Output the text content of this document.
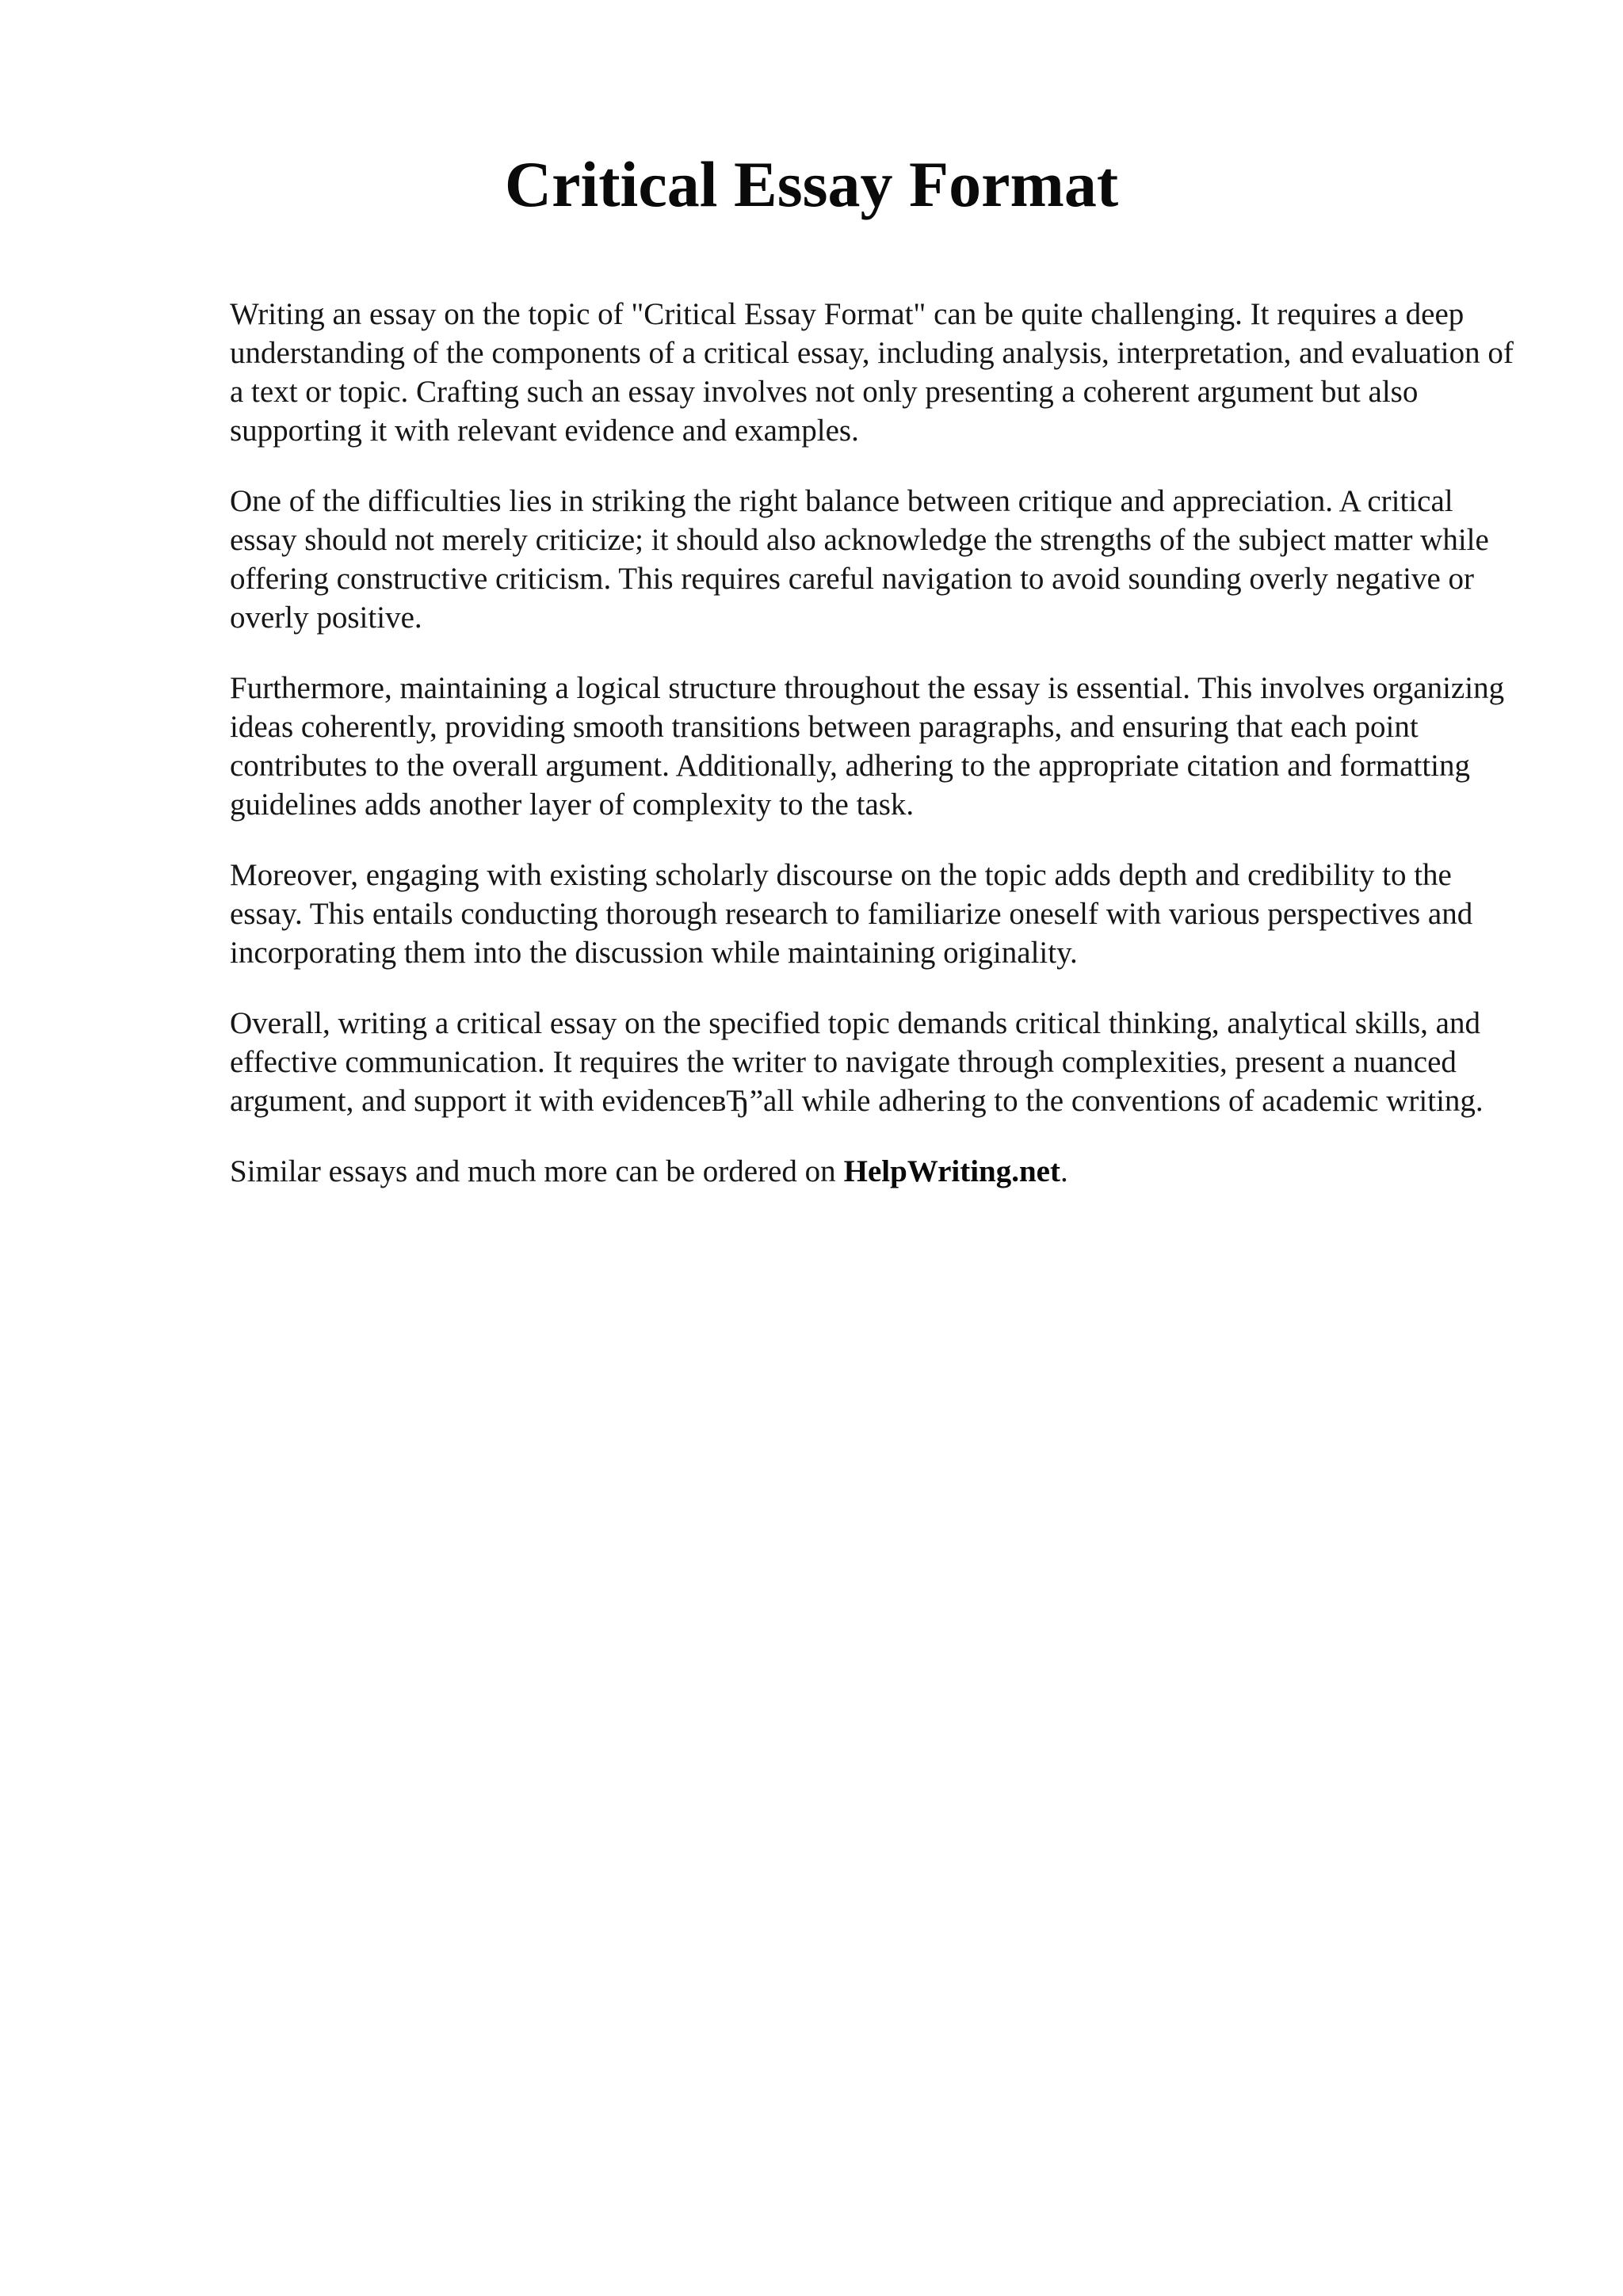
Critical Essay Format

Writing an essay on the topic of "Critical Essay Format" can be quite challenging. It requires a deep understanding of the components of a critical essay, including analysis, interpretation, and evaluation of a text or topic. Crafting such an essay involves not only presenting a coherent argument but also supporting it with relevant evidence and examples.

One of the difficulties lies in striking the right balance between critique and appreciation. A critical essay should not merely criticize; it should also acknowledge the strengths of the subject matter while offering constructive criticism. This requires careful navigation to avoid sounding overly negative or overly positive.

Furthermore, maintaining a logical structure throughout the essay is essential. This involves organizing ideas coherently, providing smooth transitions between paragraphs, and ensuring that each point contributes to the overall argument. Additionally, adhering to the appropriate citation and formatting guidelines adds another layer of complexity to the task.

Moreover, engaging with existing scholarly discourse on the topic adds depth and credibility to the essay. This entails conducting thorough research to familiarize oneself with various perspectives and incorporating them into the discussion while maintaining originality.

Overall, writing a critical essay on the specified topic demands critical thinking, analytical skills, and effective communication. It requires the writer to navigate through complexities, present a nuanced argument, and support it with evidenceвЂ”all while adhering to the conventions of academic writing.

Similar essays and much more can be ordered on HelpWriting.net.
